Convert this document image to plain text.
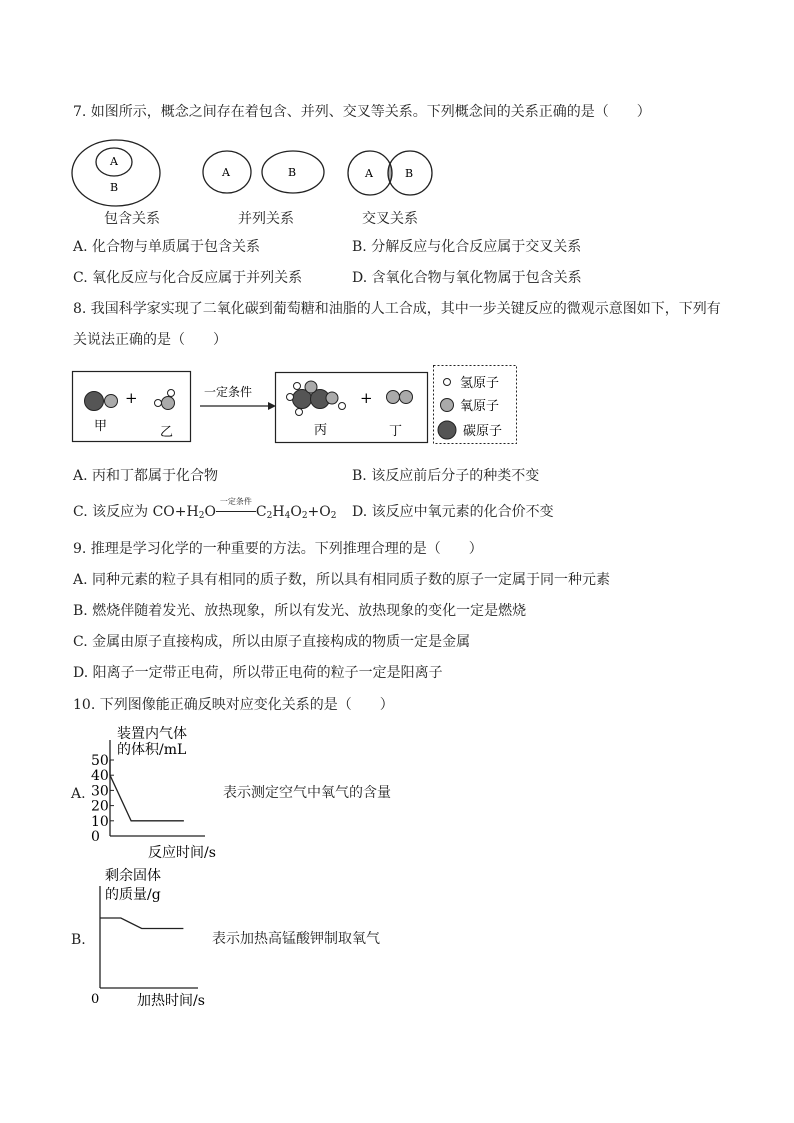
7. 如图所示，概念之间存在着包含、并列、交叉等关系。下列概念间的关系正确的是（　　）
A
B
A	B	A	B
包含关系	并列关系	交叉关系
A. 化合物与单质属于包含关系	B. 分解反应与化合反应属于交叉关系
C. 氧化反应与化合反应属于并列关系	D. 含氧化合物与氧化物属于包含关系
8. 我国科学家实现了二氧化碳到葡萄糖和油脂的人工合成，其中一步关键反应的微观示意图如下，下列有
关说法正确的是（　　）
+
甲	乙
一定条件	+
丙	丁
氢原子
氧原子
碳原子
A. 丙和丁都属于化合物	B. 该反应前后分子的种类不变
C. 该反应为 $CO+H_2O$
一定条件
$C_2H_4O_2+O_2$ D. 该反应中氧元素的化合价不变
9. 推理是学习化学的一种重要的方法。下列推理合理的是（　　）
A. 同种元素的粒子具有相同的质子数，所以具有相同质子数的原子一定属于同一种元素
B. 燃烧伴随着发光、放热现象，所以有发光、放热现象的变化一定是燃烧
C. 金属由原子直接构成，所以由原子直接构成的物质一定是金属
D. 阳离子一定带正电荷，所以带正电荷的粒子一定是阳离子
10. 下列图像能正确反映对应变化关系的是（　　）
A.
装置内气体
的体积/mL
50
40
30
20
10
0
反应时间/s
表示测定空气中氧气的含量
B.
剩余固体
的质量/g
0	加热时间/s
表示加热高锰酸钾制取氧气
